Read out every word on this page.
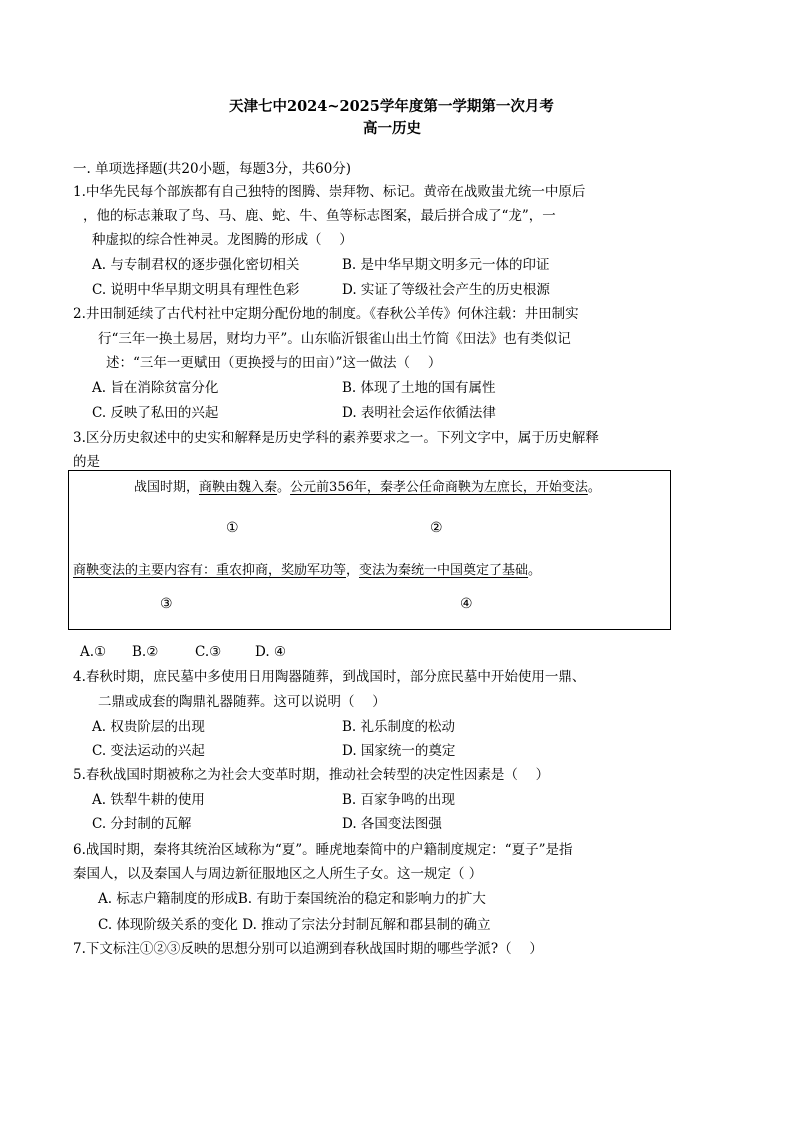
天津七中2024~2025学年度第一学期第一次月考
高一历史
一. 单项选择题(共20小题，每题3分，共60分)
1.中华先民每个部族都有自己独特的图腾、崇拜物、标记。黄帝在战败蚩尤统一中原后
，他的标志兼取了鸟、马、鹿、蛇、牛、鱼等标志图案，最后拼合成了“龙”，一
种虚拟的综合性神灵。龙图腾的形成（　 ）
A. 与专制君权的逐步强化密切相关	B. 是中华早期文明多元一体的印证
C. 说明中华早期文明具有理性色彩	D. 实证了等级社会产生的历史根源
2.井田制延续了古代村社中定期分配份地的制度。《春秋公羊传》何休注载：井田制实
行“三年一换土易居，财均力平”。山东临沂银雀山出土竹简《田法》也有类似记
述：“三年一更赋田（更换授与的田亩）”这一做法（　 ）
A. 旨在消除贫富分化	B. 体现了土地的国有属性
C. 反映了私田的兴起	D. 表明社会运作依循法律
3.区分历史叙述中的史实和解释是历史学科的素养要求之一。下列文字中，属于历史解释
的是
战国时期，商鞅由魏入秦。公元前356年，秦孝公任命商鞅为左庶长，开始变法。
①	②
商鞅变法的主要内容有：重农抑商，奖励军功等，变法为秦统一中国奠定了基础。
③	④
A.① B.②	C.③	D. ④
4.春秋时期，庶民墓中多使用日用陶器随葬，到战国时，部分庶民墓中开始使用一鼎、
二鼎或成套的陶鼎礼器随葬。这可以说明（　 ）
A. 权贵阶层的出现	B. 礼乐制度的松动
C. 变法运动的兴起	D. 国家统一的奠定
5.春秋战国时期被称之为社会大变革时期，推动社会转型的决定性因素是（　 ）
A. 铁犁牛耕的使用	B. 百家争鸣的出现
C. 分封制的瓦解	D. 各国变法图强
6.战国时期，秦将其统治区域称为“夏”。睡虎地秦简中的户籍制度规定：“夏子”是指
秦国人，以及秦国人与周边新征服地区之人所生子女。这一规定（ ）
A. 标志户籍制度的形成B. 有助于秦国统治的稳定和影响力的扩大
C. 体现阶级关系的变化 D. 推动了宗法分封制瓦解和郡县制的确立
7.下文标注①②③反映的思想分别可以追溯到春秋战国时期的哪些学派?（　 ）
